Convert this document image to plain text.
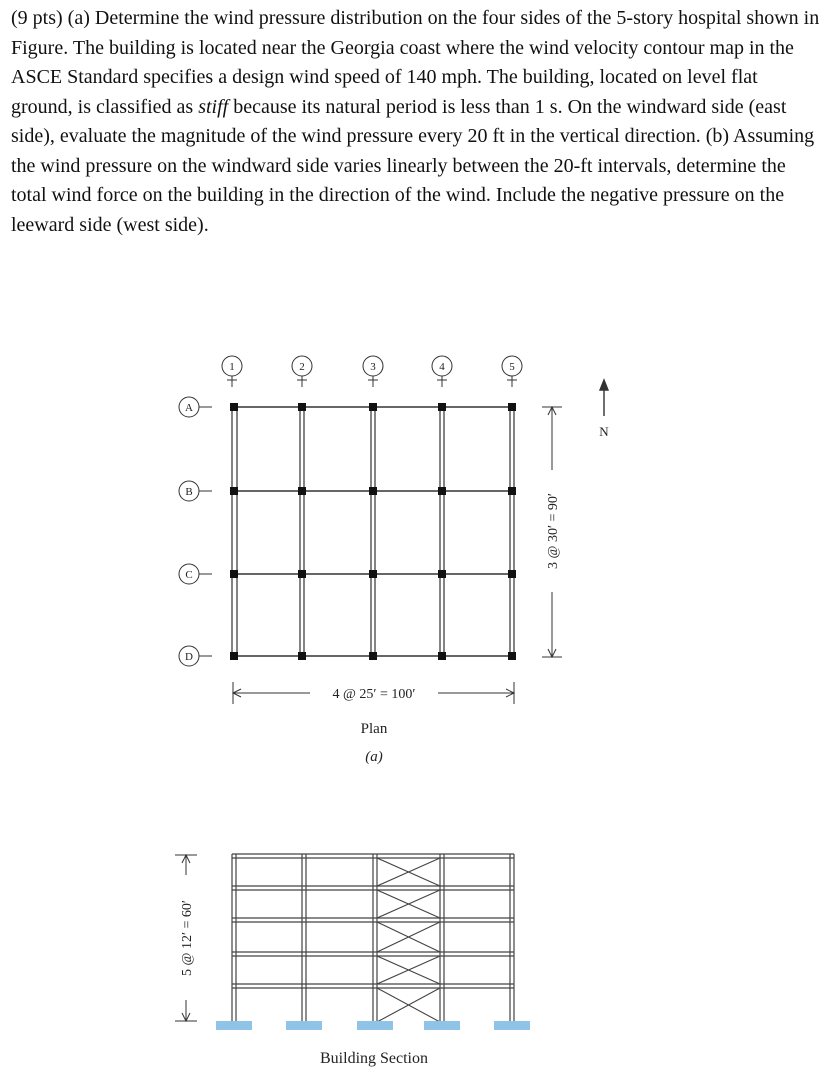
(9 pts) (a) Determine the wind pressure distribution on the four sides of the 5-story hospital shown in Figure. The building is located near the Georgia coast where the wind velocity contour map in the ASCE Standard specifies a design wind speed of 140 mph. The building, located on level flat ground, is classified as stiff because its natural period is less than 1 s. On the windward side (east side), evaluate the magnitude of the wind pressure every 20 ft in the vertical direction. (b) Assuming the wind pressure on the windward side varies linearly between the 20-ft intervals, determine the total wind force on the building in the direction of the wind. Include the negative pressure on the leeward side (west side).

1	2	3	4	5
A
B
C
D
4 @ 25′ = 100′
3 @ 30′ = 90′
N
Plan
(a)
5 @ 12′ = 60′
Building Section
